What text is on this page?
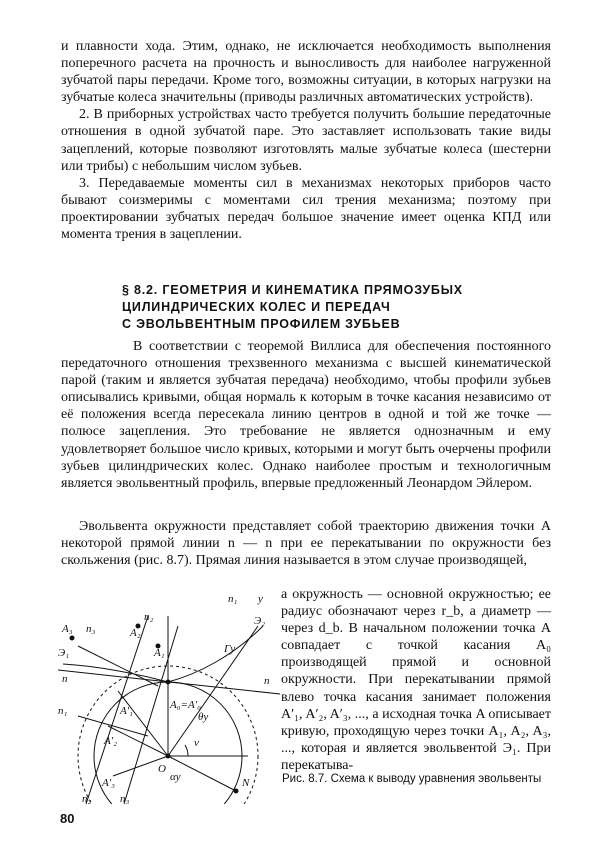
и плавности хода. Этим, однако, не исключается необходимость выполнения поперечного расчета на прочность и выносливость для наиболее нагруженной зубчатой пары передачи. Кроме того, возможны ситуации, в которых нагрузки на зубчатые колеса значительны (приводы различных автоматических устройств).

2. В приборных устройствах часто требуется получить большие передаточные отношения в одной зубчатой паре. Это заставляет использовать такие виды зацеплений, которые позволяют изготовлять малые зубчатые колеса (шестерни или трибы) с небольшим числом зубьев.

3. Передаваемые моменты сил в механизмах некоторых приборов часто бывают соизмеримы с моментами сил трения механизма; поэтому при проектировании зубчатых передач большое значение имеет оценка КПД или момента трения в зацеплении.

§ 8.2. ГЕОМЕТРИЯ И КИНЕМАТИКА ПРЯМОЗУБЫХ
ЦИЛИНДРИЧЕСКИХ КОЛЕС И ПЕРЕДАЧ
С ЭВОЛЬВЕНТНЫМ ПРОФИЛЕМ ЗУБЬЕВ

В соответствии с теоремой Виллиса для обеспечения постоянного передаточного отношения трехзвенного механизма с высшей кинематической парой (таким и является зубчатая передача) необходимо, чтобы профили зубьев описывались кривыми, общая нормаль к которым в точке касания независимо от её положения всегда пересекала линию центров в одной и той же точке — полюсе зацепления. Это требование не является однозначным и ему удовлетворяет большое число кривых, которыми и могут быть очерчены профили зубьев цилиндрических колес. Однако наиболее простым и технологичным является эвольвентный профиль, впервые предложенный Леонардом Эйлером.

Эвольвента окружности представляет собой траекторию движения точки A некоторой прямой линии n — n при ее перекатывании по окружности без скольжения (рис. 8.7). Прямая линия называется в этом случае производящей,

а окружность — основной окружностью; ее радиус обозначают через r_b, а диаметр — через d_b. В начальном положении точка A совпадает с точкой касания A₀ производящей прямой и основной окружности. При перекатывании прямой влево точка касания занимает положения A′₁, A′₂, A′₃, ..., а исходная точка A описывает кривую, проходящую через точки A₁, A₂, A₃, ..., которая и является эвольвентой Э₁. При перекатыва-

A₃ n₃
n₂
Э₁
A₂
A₁
n₁ y
Э₂
Γy
n	n
A₀=A′₀
θy
A′₁
n₁
A′₂	ν
O
αy
A′₃	N
n₂	n₃
Рис. 8.7. Схема к выводу уравнения эвольвенты
80
